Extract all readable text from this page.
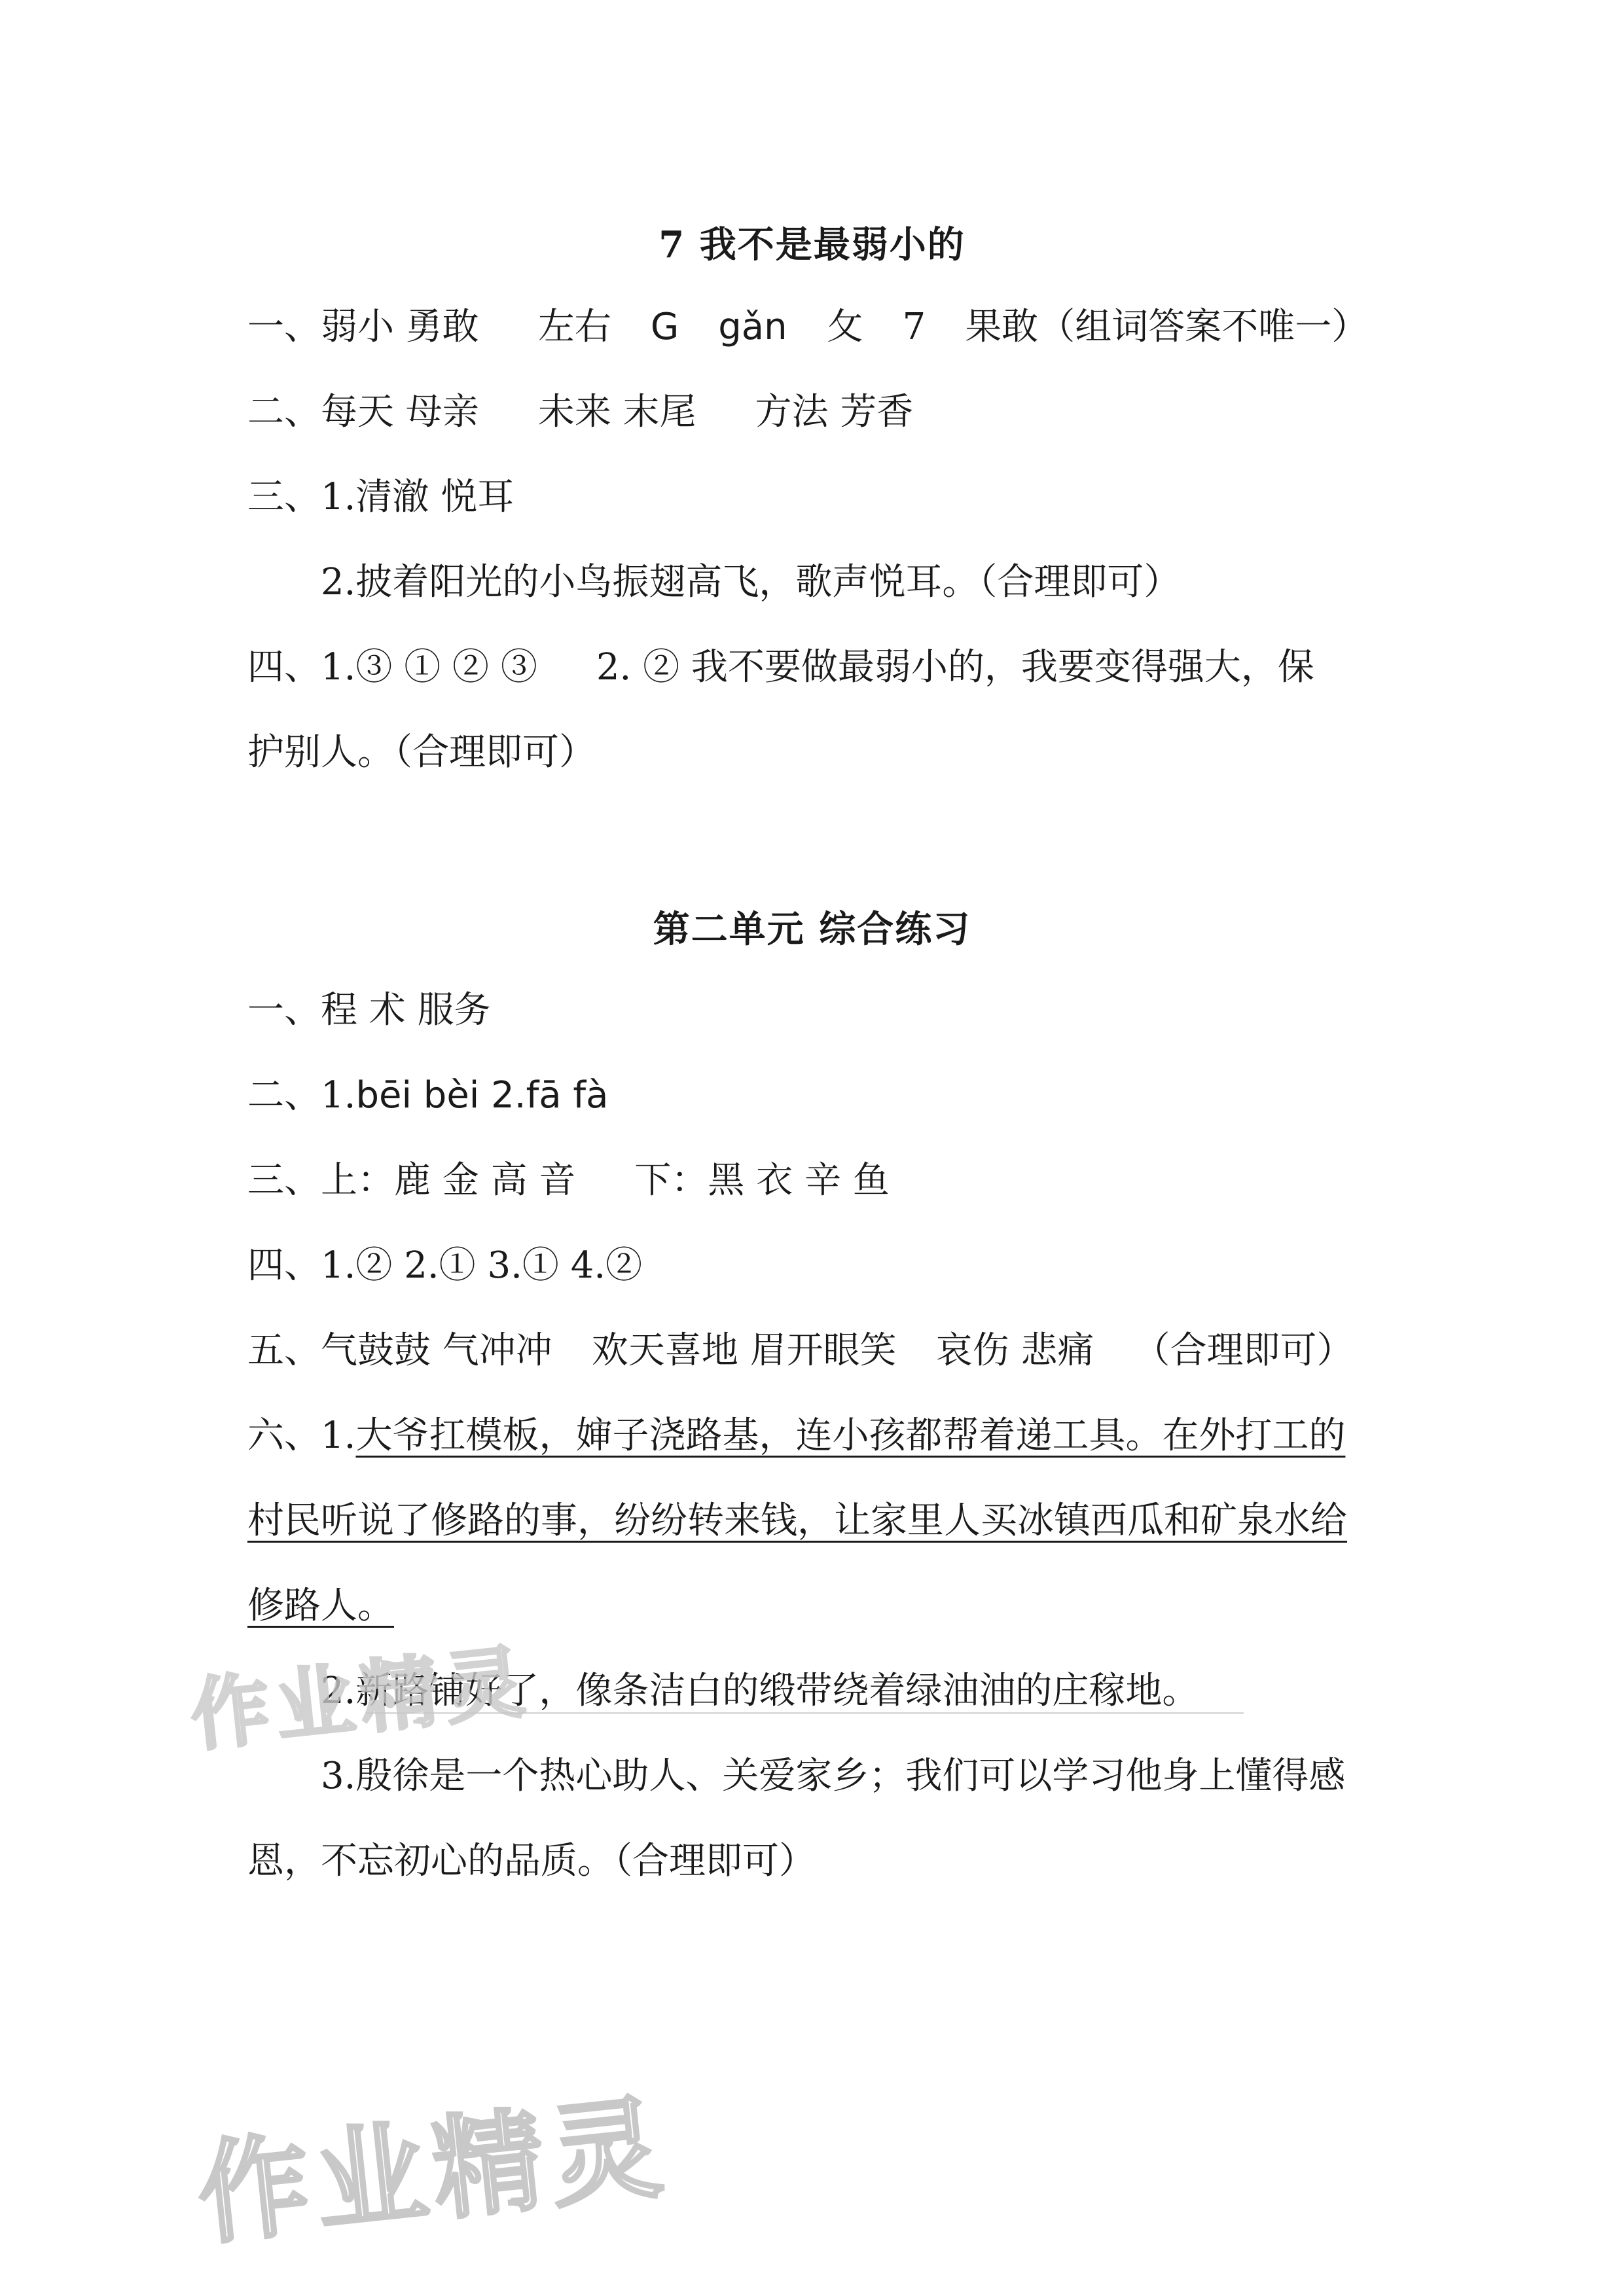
7 我不是最弱小的
一、弱小 勇敢 左右 G gǎn 攵 7 果敢（组词答案不唯一）
二、每天 母亲 未来 末尾 方法 芳香
三、1.清澈 悦耳
2.披着阳光的小鸟振翅高飞，歌声悦耳。（合理即可）
四、1.③ ① ② ③ 2. ② 我不要做最弱小的，我要变得强大，保
护别人。（合理即可）
第二单元 综合练习
一、程 术 服务
二、1.bēi bèi 2.fā fà
三、上：鹿 金 高 音 下：黑 衣 辛 鱼
四、1.② 2.① 3.① 4.②
五、气鼓鼓 气冲冲 欢天喜地 眉开眼笑 哀伤 悲痛 （合理即可）
六、1.大爷扛模板，婶子浇路基，连小孩都帮着递工具。在外打工的
村民听说了修路的事，纷纷转来钱，让家里人买冰镇西瓜和矿泉水给
修路人。
2.新路铺好了，像条洁白的缎带绕着绿油油的庄稼地。
3.殷徐是一个热心助人、关爱家乡；我们可以学习他身上懂得感
恩，不忘初心的品质。（合理即可）
作业精灵
作业精灵
